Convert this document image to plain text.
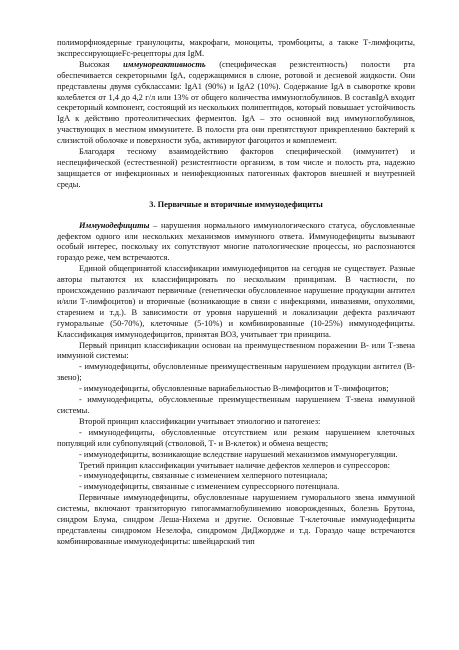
полиморфноядерные гранулоциты, макрофаги, моноциты, тромбоциты, а также Т-лимфоциты, экспрессирующиеFc-рецепторы для IgM.

Высокая иммунореактивность (специфическая резистентность) полости рта обеспечивается секреторными IgA, содержащимися в слюне, ротовой и десневой жидкости. Они представлены двумя субклассами: IgA1 (90%) и IgA2 (10%). Содержание IgA в сыворотке крови колеблется от 1,4 до 4,2 г/л или 13% от общего количества иммуноглобулинов. В составIgA входит секреторный компонент, состоящий из нескольких полипептидов, который повышает устойчивость IgA к действию протеолитических ферментов. IgA – это основной вид иммуноглобулинов, участвующих в местном иммунитете. В полости рта они препятствуют прикреплению бактерий к слизистой оболочке и поверхности зуба, активируют фагоцитоз и комплемент.

Благодаря тесному взаимодействию факторов специфической (иммунитет) и неспецифической (естественной) резистентности организм, в том числе и полость рта, надежно защищается от инфекционных и неинфекционных патогенных факторов внешней и внутренней среды.

3. Первичные и вторичные иммунодефициты

Иммунодефициты – нарушения нормального иммунологического статуса, обусловленные дефектом одного или нескольких механизмов иммунного ответа. Иммунодефициты вызывают особый интерес, поскольку их сопутствуют многие патологические процессы, но распознаются гораздо реже, чем встречаются.

Единой общепринятой классификации иммунодефицитов на сегодня не существует. Разные авторы пытаются их классифицировать по нескольким принципам. В частности, по происхождению различают первичные (генетически обусловленное нарушение продукции антител и/или Т-лимфоцитов) и вторичные (возникающие в связи с инфекциями, инвазиями, опухолями, старением и т.д.). В зависимости от уровня нарушений и локализации дефекта различают гуморальные (50-70%), клеточные (5-10%) и комбинированные (10-25%) иммунодефициты. Классификация иммунодефицитов, принятая ВОЗ, учитывает три принципа.

Первый принцип классификации основан на преимущественном поражении В- или Т-звена иммунной системы:

- иммунодефициты, обусловленные преимущественным нарушением продукции антител (В-звено);

- иммунодефициты, обусловленные вариабельностью В-лимфоцитов и Т-лимфоцитов;

- иммунодефициты, обусловленные преимущественным нарушением Т-звена иммунной системы.

Второй принцип классификации учитывает этиологию и патогенез:

- иммунодефициты, обусловленные отсутствием или резким нарушением клеточных популяций или субпопуляций (стволовой, Т- и В-клеток) и обмена веществ;

- иммунодефициты, возникающие вследствие нарушений механизмов иммунорегуляции.

Третий принцип классификации учитывает наличие дефектов хелперов и супрессоров:

- иммунодефициты, связанные с изменением хелперного потенциала;

- иммунодефициты, связанные с изменением супрессорного потенциала.

Первичные иммунодефициты, обусловленные нарушением гуморального звена иммунной системы, включают транзиторную гипогаммаглобулинемию новорожденных, болезнь Брутона, синдром Блума, синдром Леша-Нихема и другие. Основные Т-клеточные иммунодефициты представлены синдромом Незелофа, синдромом ДиДжордже и т.д. Гораздо чаще встречаются комбинированные иммунодефициты: швейцарский тип
